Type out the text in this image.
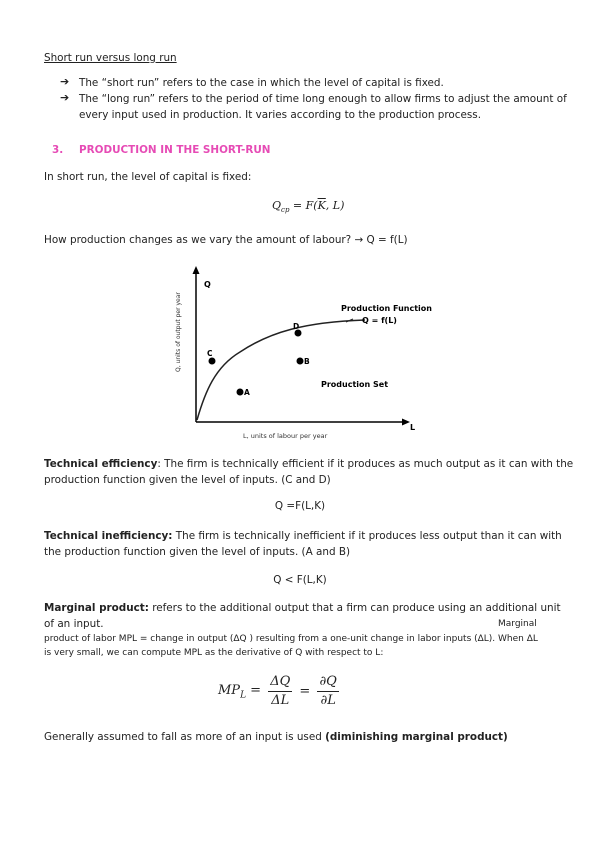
Short run versus long run
➔ The “short run” refers to the case in which the level of capital is fixed.
➔ The “long run” refers to the period of time long enough to allow firms to adjust the amount of
every input used in production. It varies according to the production process.
3. PRODUCTION IN THE SHORT-RUN
In short run, the level of capital is fixed:
$Q_{cp} = F(\overline{K}$, L)
How production changes as we vary the amount of labour? → Q = f(L)
Q
L
Q, units of output per year
L, units of labour per year
Production Function
Q = f(L)
Production Set
C
D
B
A
Technical efficiency: The firm is technically efficient if it produces as much output as it can with the
production function given the level of inputs. (C and D)
Q =F(L,K)
Technical inefficiency: The firm is technically inefficient if it produces less output than it can with
the production function given the level of inputs. (A and B)
Q < F(L,K)
Marginal product: refers to the additional output that a firm can produce using an additional unit
of an input.	Marginal
product of labor MPL = change in output (ΔQ ) resulting from a one-unit change in labor inputs (ΔL). When ΔL
is very small, we can compute MPL as the derivative of Q with respect to L:
$MP_L = \frac{\Delta Q}{\Delta L} = \frac{\partial Q}{\partial L}$
Generally assumed to fall as more of an input is used (diminishing marginal product)
